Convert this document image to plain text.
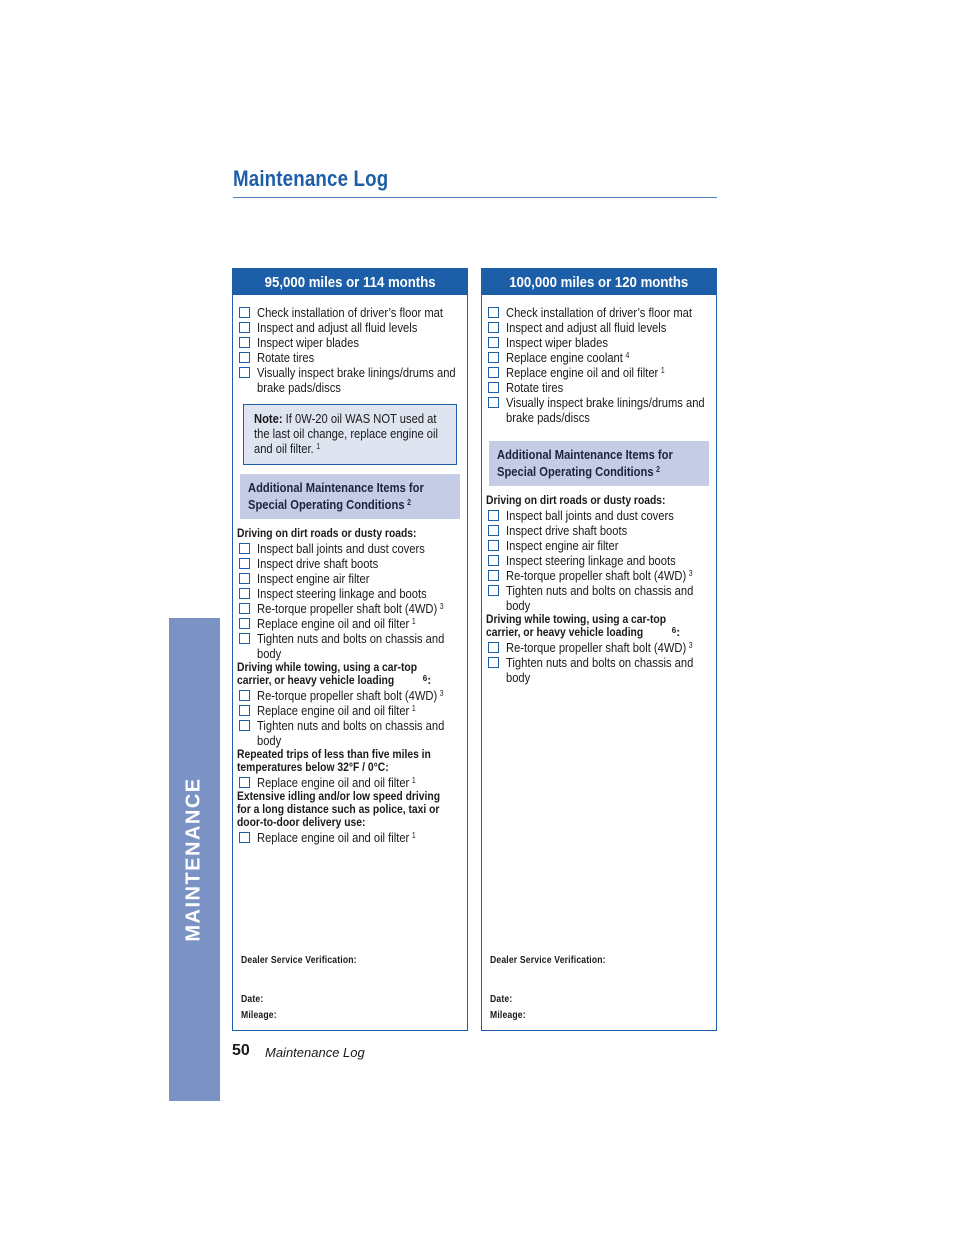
Maintenance Log
MAINTENANCE
95,000 miles or 114 months
Check installation of driver’s floor mat
Inspect and adjust all fluid levels
Inspect wiper blades
Rotate tires
Visually inspect brake linings/drums and

brake pads/discs
Note: If 0W-20 oil WAS NOT used at
the last oil change, replace engine oil
and oil filter. $^1$
Additional Maintenance Items for
Special Operating Conditions $^2$
Driving on dirt roads or dusty roads:

Inspect ball joints and dust covers
Inspect drive shaft boots
Inspect engine air filter
Inspect steering linkage and boots
Re-torque propeller shaft bolt (4WD) $^3$
Replace engine oil and oil filter $^1$
Tighten nuts and bolts on chassis and

body
Driving while towing, using a car-top
carrier, or heavy vehicle loading	$^6$:

Re-torque propeller shaft bolt (4WD) $^3$
Replace engine oil and oil filter $^1$
Tighten nuts and bolts on chassis and

body
Repeated trips of less than five miles in
temperatures below 32°F / 0°C:

Replace engine oil and oil filter $^1$
Extensive idling and/or low speed driving
for a long distance such as police, taxi or
door-to-door delivery use:

Replace engine oil and oil filter $^1$
Dealer Service Verification:
Date:
Mileage:
100,000 miles or 120 months
Check installation of driver’s floor mat
Inspect and adjust all fluid levels
Inspect wiper blades
Replace engine coolant $^4$
Replace engine oil and oil filter $^1$
Rotate tires
Visually inspect brake linings/drums and

brake pads/discs
Additional Maintenance Items for
Special Operating Conditions $^2$
Driving on dirt roads or dusty roads:

Inspect ball joints and dust covers
Inspect drive shaft boots
Inspect engine air filter
Inspect steering linkage and boots
Re-torque propeller shaft bolt (4WD) $^3$
Tighten nuts and bolts on chassis and

body
Driving while towing, using a car-top
carrier, or heavy vehicle loading	$^6$:

Re-torque propeller shaft bolt (4WD) $^3$
Tighten nuts and bolts on chassis and

body
Dealer Service Verification:
Date:
Mileage:
50 Maintenance Log
